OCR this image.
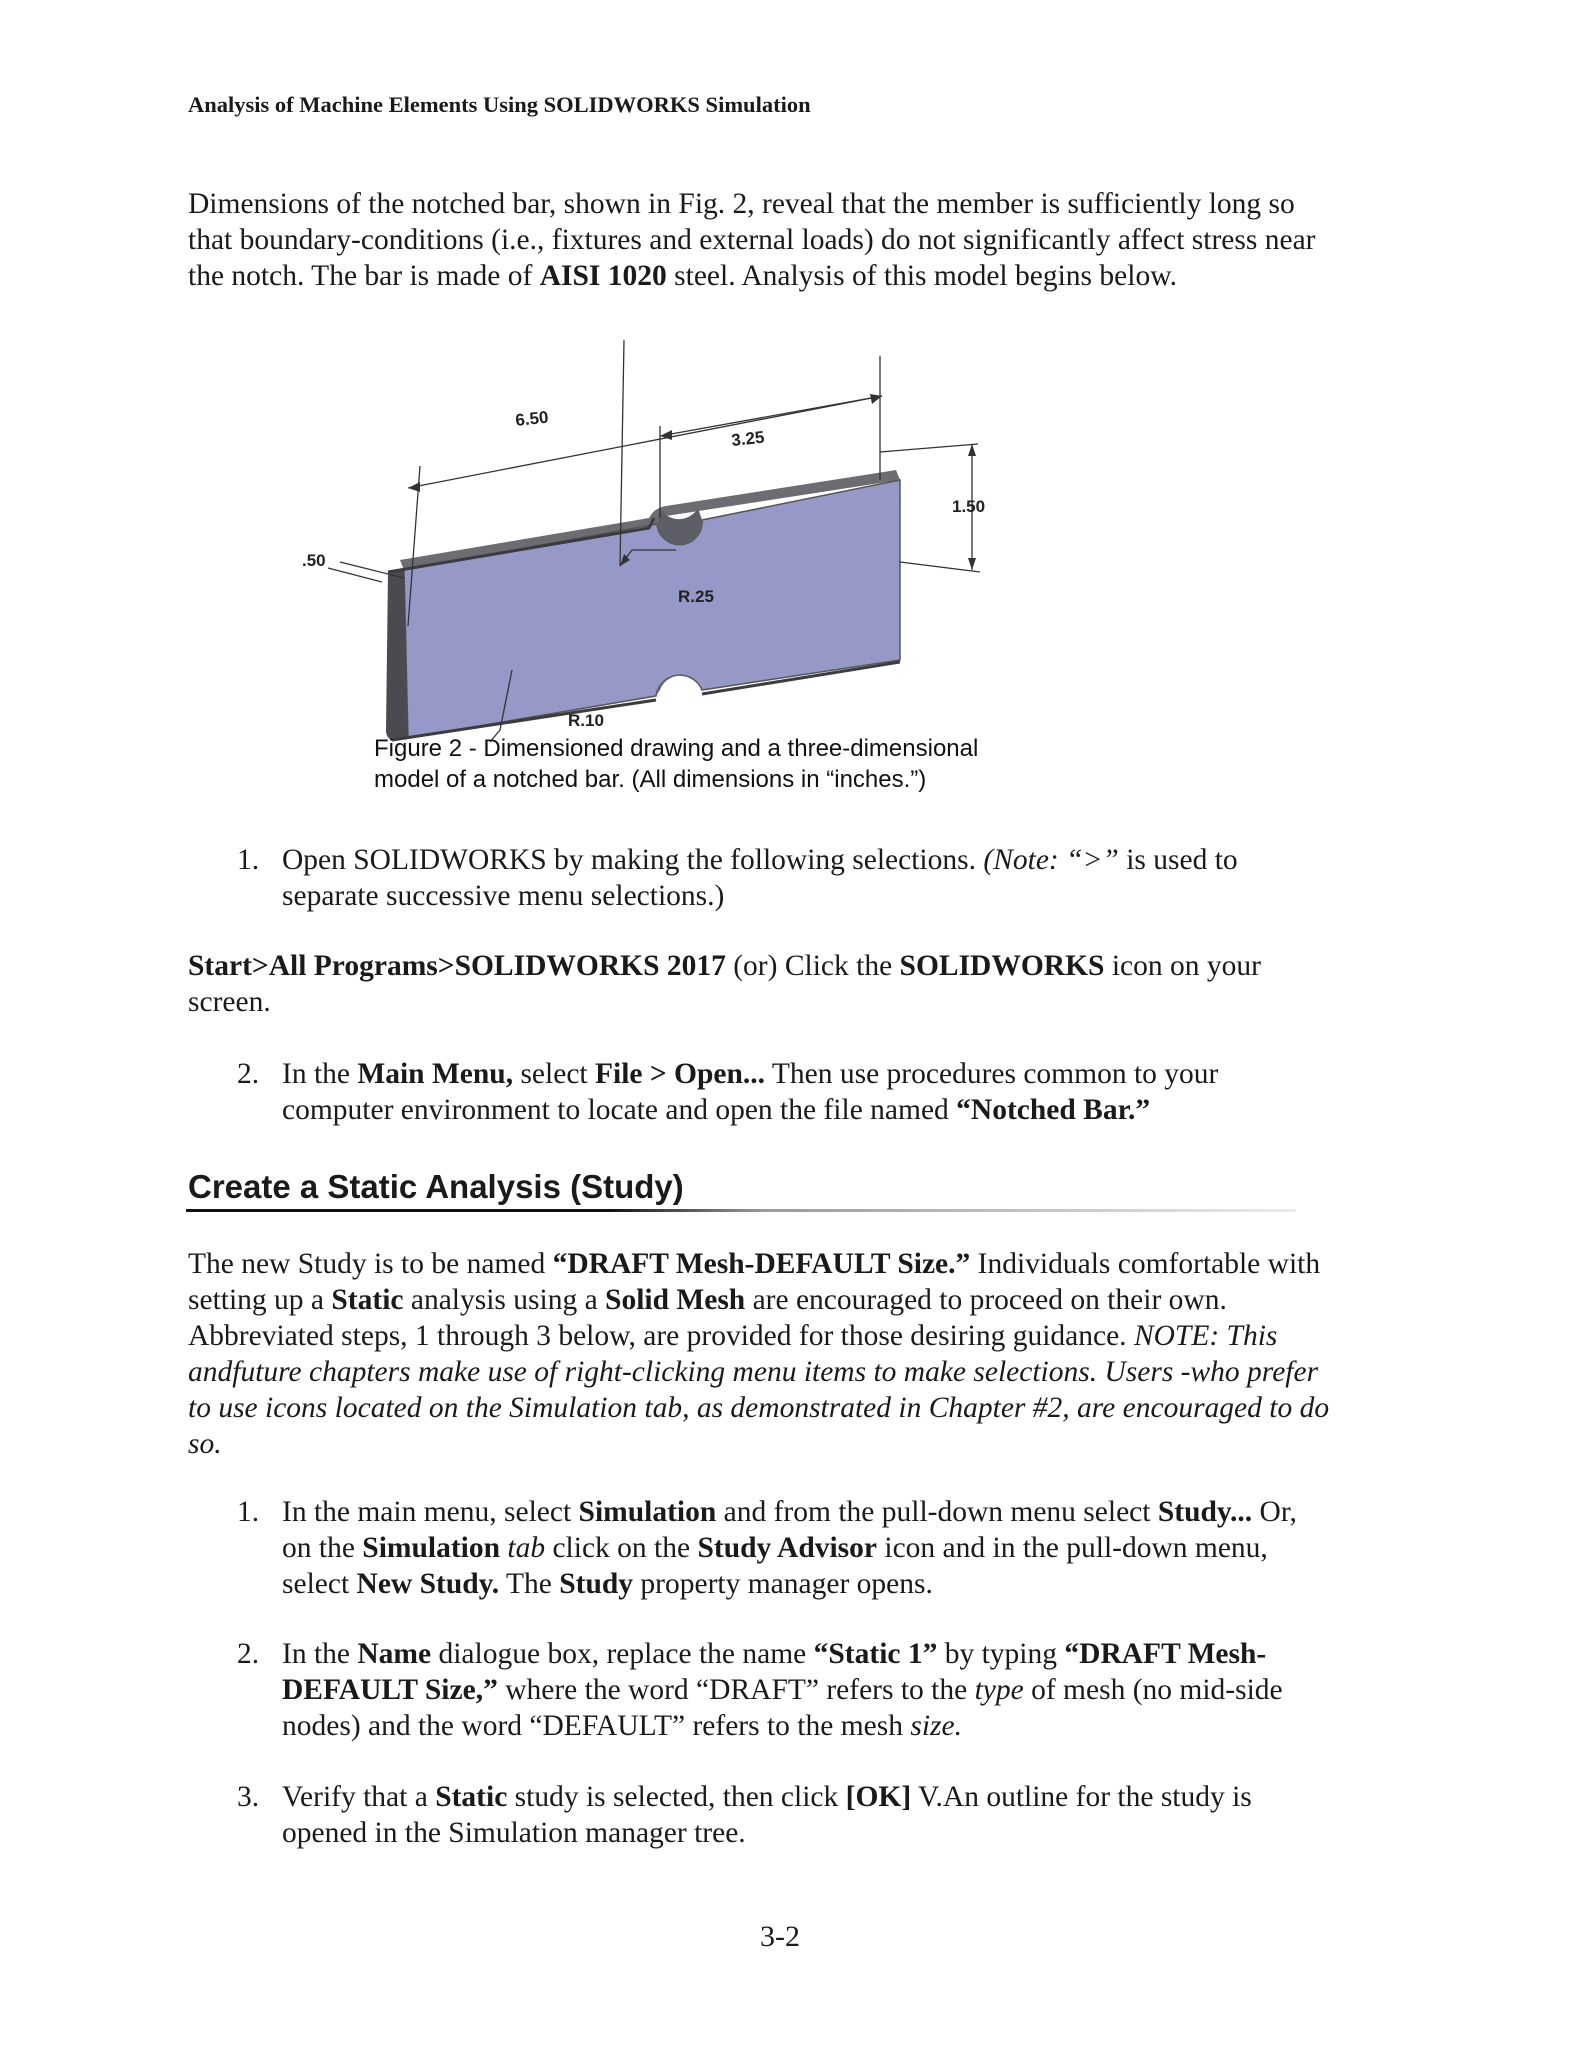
Analysis of Machine Elements Using SOLIDWORKS Simulation
Dimensions of the notched bar, shown in Fig. 2, reveal that the member is sufficiently long so that boundary-conditions (i.e., fixtures and external loads) do not significantly affect stress near the notch. The bar is made of AISI 1020 steel. Analysis of this model begins below.
6.50
3.25
1.50
.50
R.25
R.10
Figure 2 - Dimensioned drawing and a three-dimensional
model of a notched bar. (All dimensions in “inches.”)
1. Open SOLIDWORKS by making the following selections. (Note: “>” is used to separate successive menu selections.)
Start>All Programs>SOLIDWORKS 2017 (or) Click the SOLIDWORKS icon on your screen.
2. In the Main Menu, select File > Open... Then use procedures common to your computer environment to locate and open the file named “Notched Bar.”
Create a Static Analysis (Study)
The new Study is to be named “DRAFT Mesh-DEFAULT Size.” Individuals comfortable with setting up a Static analysis using a Solid Mesh are encouraged to proceed on their own. Abbreviated steps, 1 through 3 below, are provided for those desiring guidance. NOTE: This andfuture chapters make use of right-clicking menu items to make selections. Users -who prefer to use icons located on the Simulation tab, as demonstrated in Chapter #2, are encouraged to do so.
1. In the main menu, select Simulation and from the pull-down menu select Study... Or, on the Simulation tab click on the Study Advisor icon and in the pull-down menu, select New Study. The Study property manager opens.
2. In the Name dialogue box, replace the name “Static 1” by typing “DRAFT Mesh-DEFAULT Size,” where the word “DRAFT” refers to the type of mesh (no mid-side nodes) and the word “DEFAULT” refers to the mesh size.
3. Verify that a Static study is selected, then click [OK] V.An outline for the study is opened in the Simulation manager tree.
3-2
